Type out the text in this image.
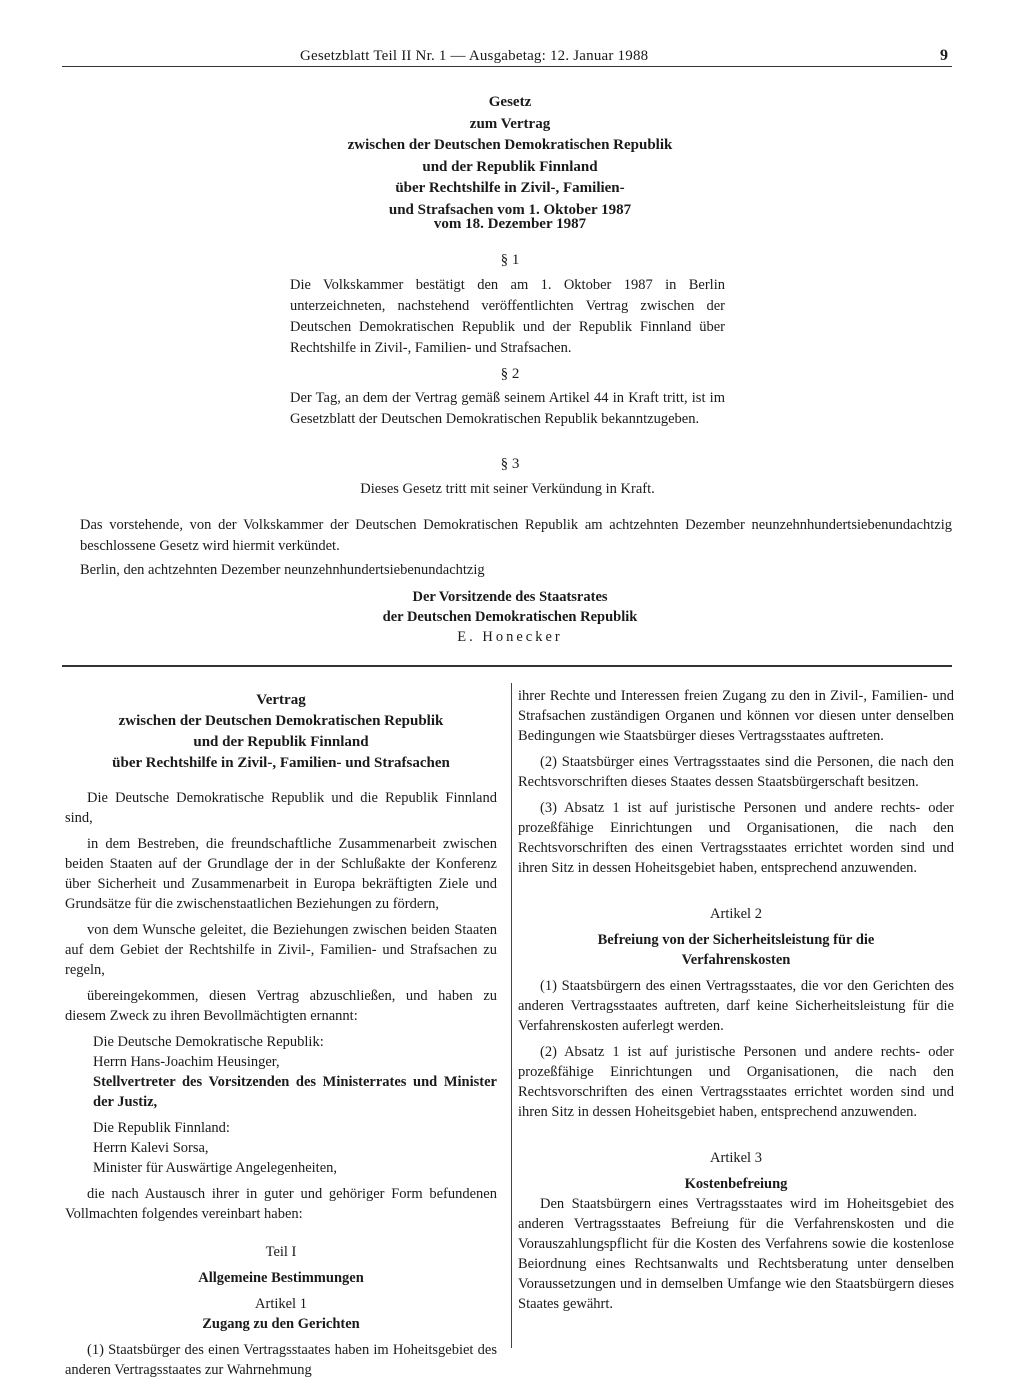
Gesetzblatt Teil II Nr. 1 — Ausgabetag: 12. Januar 1988	9
Gesetz
zum Vertrag
zwischen der Deutschen Demokratischen Republik
und der Republik Finnland
über Rechtshilfe in Zivil-, Familien-
und Strafsachen vom 1. Oktober 1987
vom 18. Dezember 1987
§ 1
Die Volkskammer bestätigt den am 1. Oktober 1987 in Berlin unterzeichneten, nachstehend veröffentlichten Vertrag zwischen der Deutschen Demokratischen Republik und der Republik Finnland über Rechtshilfe in Zivil-, Familien- und Strafsachen.
§ 2
Der Tag, an dem der Vertrag gemäß seinem Artikel 44 in Kraft tritt, ist im Gesetzblatt der Deutschen Demokratischen Republik bekanntzugeben.
§ 3
Dieses Gesetz tritt mit seiner Verkündung in Kraft.
Das vorstehende, von der Volkskammer der Deutschen Demokratischen Republik am achtzehnten Dezember neunzehnhundertsiebenundachtzig beschlossene Gesetz wird hiermit verkündet.
Berlin, den achtzehnten Dezember neunzehnhundertsiebenundachtzig
Der Vorsitzende des Staatsrates
der Deutschen Demokratischen Republik
E. Honecker
Vertrag
zwischen der Deutschen Demokratischen Republik
und der Republik Finnland
über Rechtshilfe in Zivil-, Familien- und Strafsachen

Die Deutsche Demokratische Republik und die Republik Finnland sind,

in dem Bestreben, die freundschaftliche Zusammenarbeit zwischen beiden Staaten auf der Grundlage der in der Schlußakte der Konferenz über Sicherheit und Zusammenarbeit in Europa bekräftigten Ziele und Grundsätze für die zwischenstaatlichen Beziehungen zu fördern,

von dem Wunsche geleitet, die Beziehungen zwischen beiden Staaten auf dem Gebiet der Rechtshilfe in Zivil-, Familien- und Strafsachen zu regeln,

übereingekommen, diesen Vertrag abzuschließen, und haben zu diesem Zweck zu ihren Bevollmächtigten ernannt:

Die Deutsche Demokratische Republik:

Herrn Hans-Joachim Heusinger,

Stellvertreter des Vorsitzenden des Ministerrates und Minister der Justiz,

Die Republik Finnland:

Herrn Kalevi Sorsa,

Minister für Auswärtige Angelegenheiten,

die nach Austausch ihrer in guter und gehöriger Form befundenen Vollmachten folgendes vereinbart haben:

Teil I

Allgemeine Bestimmungen

Artikel 1

Zugang zu den Gerichten

(1) Staatsbürger des einen Vertragsstaates haben im Hoheitsgebiet des anderen Vertragsstaates zur Wahrnehmung

ihrer Rechte und Interessen freien Zugang zu den in Zivil-, Familien- und Strafsachen zuständigen Organen und können vor diesen unter denselben Bedingungen wie Staatsbürger dieses Vertragsstaates auftreten.

(2) Staatsbürger eines Vertragsstaates sind die Personen, die nach den Rechtsvorschriften dieses Staates dessen Staatsbürgerschaft besitzen.

(3) Absatz 1 ist auf juristische Personen und andere rechts- oder prozeßfähige Einrichtungen und Organisationen, die nach den Rechtsvorschriften des einen Vertragsstaates errichtet worden sind und ihren Sitz in dessen Hoheitsgebiet haben, entsprechend anzuwenden.

Artikel 2

Befreiung von der Sicherheitsleistung für die Verfahrenskosten

(1) Staatsbürgern des einen Vertragsstaates, die vor den Gerichten des anderen Vertragsstaates auftreten, darf keine Sicherheitsleistung für die Verfahrenskosten auferlegt werden.

(2) Absatz 1 ist auf juristische Personen und andere rechts- oder prozeßfähige Einrichtungen und Organisationen, die nach den Rechtsvorschriften des einen Vertragsstaates errichtet worden sind und ihren Sitz in dessen Hoheitsgebiet haben, entsprechend anzuwenden.

Artikel 3

Kostenbefreiung

Den Staatsbürgern eines Vertragsstaates wird im Hoheitsgebiet des anderen Vertragsstaates Befreiung für die Verfahrenskosten und die Vorauszahlungspflicht für die Kosten des Verfahrens sowie die kostenlose Beiordnung eines Rechtsanwalts und Rechtsberatung unter denselben Voraussetzungen und in demselben Umfange wie den Staatsbürgern dieses Staates gewährt.
